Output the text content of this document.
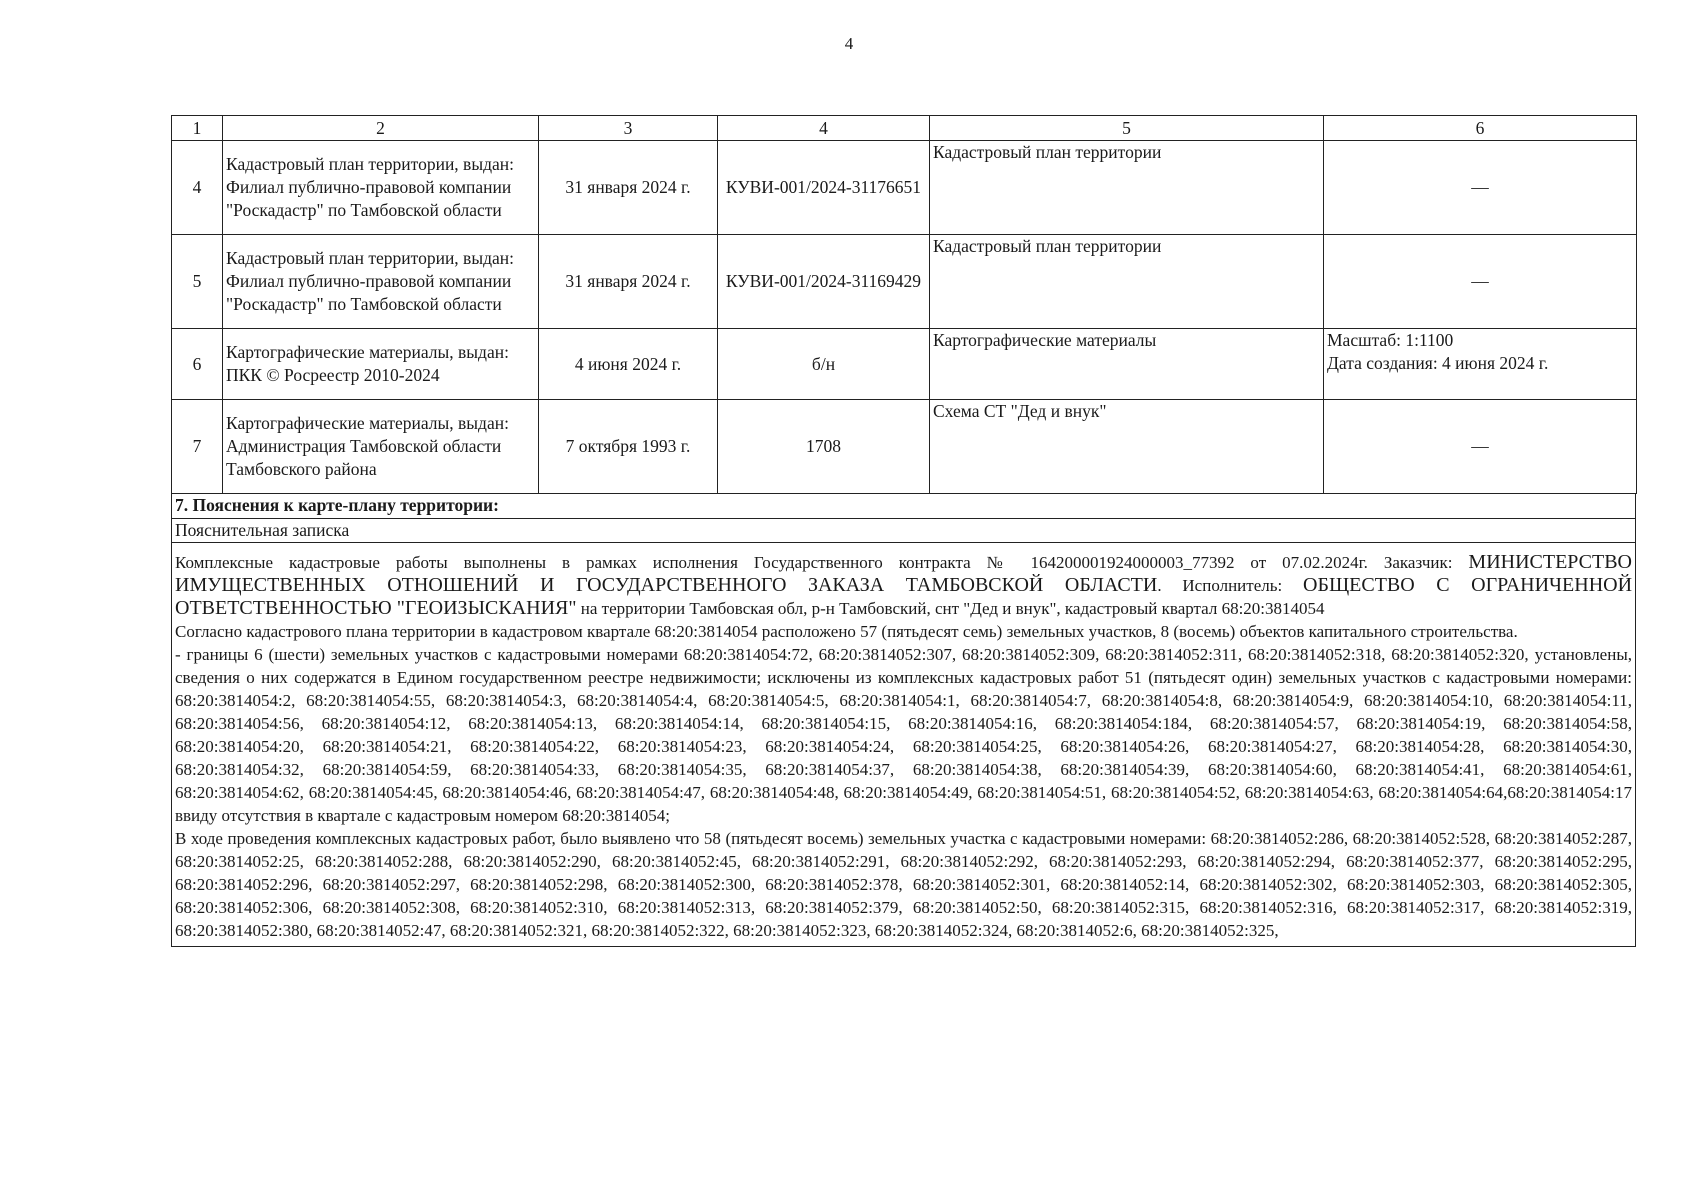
4
1	2	3	4	5	6
4	Кадастровый план территории, выдан: Филиал публично-правовой компании "Роскадастр" по Тамбовской области	31 января 2024 г.	КУВИ-001/2024-31176651	Кадастровый план территории	—
5	Кадастровый план территории, выдан: Филиал публично-правовой компании "Роскадастр" по Тамбовской области	31 января 2024 г.	КУВИ-001/2024-31169429	Кадастровый план территории	—
6	Картографические материалы, выдан: ПКК © Росреестр 2010-2024	4 июня 2024 г.	б/н	Картографические материалы	Масштаб: 1:1100
Дата создания: 4 июня 2024 г.

7	Картографические материалы, выдан: Администрация Тамбовской области Тамбовского района	7 октября 1993 г.	1708	Схема СТ "Дед и внук"	—
7. Пояснения к карте-плану территории:
Пояснительная записка

Комплексные кадастровые работы выполнены в рамках исполнения Государственного контракта № 164200001924000003_77392 от 07.02.2024г. Заказчик: МИНИСТЕРСТВО ИМУЩЕСТВЕННЫХ ОТНОШЕНИЙ И ГОСУДАРСТВЕННОГО ЗАКАЗА ТАМБОВСКОЙ ОБЛАСТИ. Исполнитель: ОБЩЕСТВО С ОГРАНИЧЕННОЙ ОТВЕТСТВЕННОСТЬЮ "ГЕОИЗЫСКАНИЯ" на территории Тамбовская обл, р-н Тамбовский, снт "Дед и внук", кадастровый квартал 68:20:3814054

Согласно кадастрового плана территории в кадастровом квартале 68:20:3814054 расположено 57 (пятьдесят семь) земельных участков, 8 (восемь) объектов капитального строительства.

- границы 6 (шести) земельных участков с кадастровыми номерами 68:20:3814054:72, 68:20:3814052:307, 68:20:3814052:309, 68:20:3814052:311, 68:20:3814052:318, 68:20:3814052:320, установлены, сведения о них содержатся в Едином государственном реестре недвижимости; исключены из комплексных кадастровых работ 51 (пятьдесят один) земельных участков с кадастровыми номерами: 68:20:3814054:2, 68:20:3814054:55, 68:20:3814054:3, 68:20:3814054:4, 68:20:3814054:5, 68:20:3814054:1, 68:20:3814054:7, 68:20:3814054:8, 68:20:3814054:9, 68:20:3814054:10, 68:20:3814054:11, 68:20:3814054:56, 68:20:3814054:12, 68:20:3814054:13, 68:20:3814054:14, 68:20:3814054:15, 68:20:3814054:16, 68:20:3814054:184, 68:20:3814054:57, 68:20:3814054:19, 68:20:3814054:58, 68:20:3814054:20, 68:20:3814054:21, 68:20:3814054:22, 68:20:3814054:23, 68:20:3814054:24, 68:20:3814054:25, 68:20:3814054:26, 68:20:3814054:27, 68:20:3814054:28, 68:20:3814054:30, 68:20:3814054:32, 68:20:3814054:59, 68:20:3814054:33, 68:20:3814054:35, 68:20:3814054:37, 68:20:3814054:38, 68:20:3814054:39, 68:20:3814054:60, 68:20:3814054:41, 68:20:3814054:61, 68:20:3814054:62, 68:20:3814054:45, 68:20:3814054:46, 68:20:3814054:47, 68:20:3814054:48, 68:20:3814054:49, 68:20:3814054:51, 68:20:3814054:52, 68:20:3814054:63, 68:20:3814054:64,68:20:3814054:17 ввиду отсутствия в квартале с кадастровым номером 68:20:3814054;

В ходе проведения комплексных кадастровых работ, было выявлено что 58 (пятьдесят восемь) земельных участка с кадастровыми номерами: 68:20:3814052:286, 68:20:3814052:528, 68:20:3814052:287, 68:20:3814052:25, 68:20:3814052:288, 68:20:3814052:290, 68:20:3814052:45, 68:20:3814052:291, 68:20:3814052:292, 68:20:3814052:293, 68:20:3814052:294, 68:20:3814052:377, 68:20:3814052:295, 68:20:3814052:296, 68:20:3814052:297, 68:20:3814052:298, 68:20:3814052:300, 68:20:3814052:378, 68:20:3814052:301, 68:20:3814052:14, 68:20:3814052:302, 68:20:3814052:303, 68:20:3814052:305, 68:20:3814052:306, 68:20:3814052:308, 68:20:3814052:310, 68:20:3814052:313, 68:20:3814052:379, 68:20:3814052:50, 68:20:3814052:315, 68:20:3814052:316, 68:20:3814052:317, 68:20:3814052:319, 68:20:3814052:380, 68:20:3814052:47, 68:20:3814052:321, 68:20:3814052:322, 68:20:3814052:323, 68:20:3814052:324, 68:20:3814052:6, 68:20:3814052:325,
